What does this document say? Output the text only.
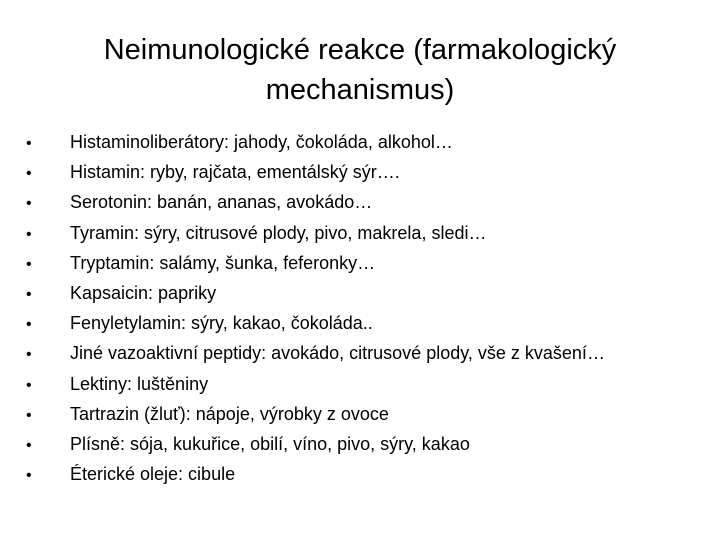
Neimunologické reakce (farmakologický
mechanismus)
•	Histaminoliberátory: jahody, čokoláda, alkohol…
•	Histamin: ryby, rajčata, ementálský sýr….
•	Serotonin: banán, ananas, avokádo…
•	Tyramin: sýry, citrusové plody, pivo, makrela, sledi…
•	Tryptamin: salámy, šunka, feferonky…
•	Kapsaicin: papriky
•	Fenyletylamin: sýry, kakao, čokoláda..
•	Jiné vazoaktivní peptidy: avokádo, citrusové plody, vše z kvašení…
•	Lektiny: luštěniny
•	Tartrazin (žluť): nápoje, výrobky z ovoce
•	Plísně: sója, kukuřice, obilí, víno, pivo, sýry, kakao
•	Éterické oleje: cibule
